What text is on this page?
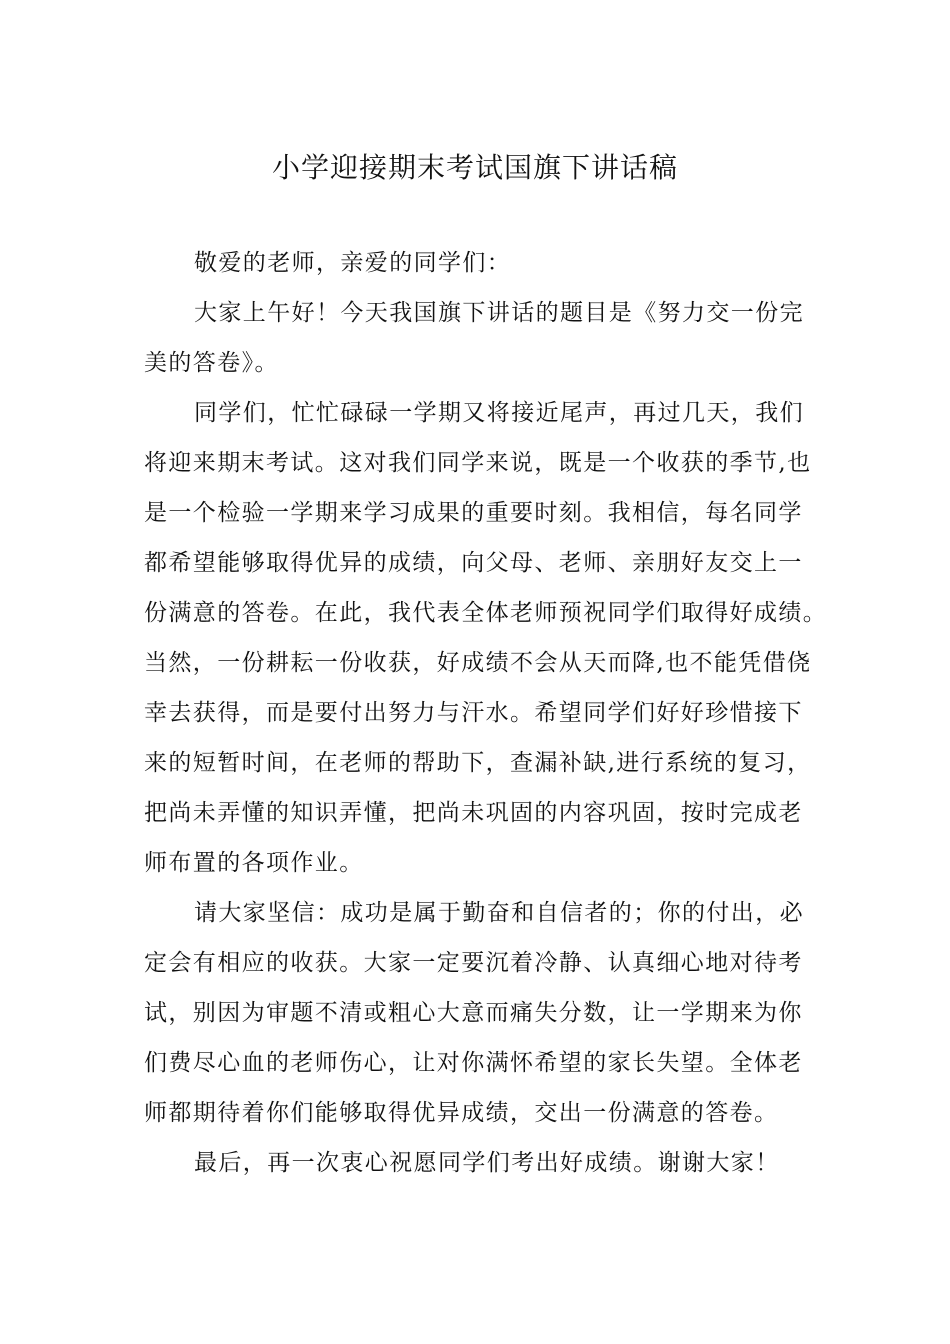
小学迎接期末考试国旗下讲话稿
敬爱的老师，亲爱的同学们：
大家上午好！今天我国旗下讲话的题目是《努力交一份完
美的答卷》。
同学们，忙忙碌碌一学期又将接近尾声，再过几天，我们
将迎来期末考试。这对我们同学来说，既是一个收获的季节,也
是一个检验一学期来学习成果的重要时刻。我相信，每名同学
都希望能够取得优异的成绩，向父母、老师、亲朋好友交上一
份满意的答卷。在此，我代表全体老师预祝同学们取得好成绩。
当然，一份耕耘一份收获，好成绩不会从天而降,也不能凭借侥
幸去获得，而是要付出努力与汗水。希望同学们好好珍惜接下
来的短暂时间，在老师的帮助下，查漏补缺,进行系统的复习，
把尚未弄懂的知识弄懂，把尚未巩固的内容巩固，按时完成老
师布置的各项作业。
请大家坚信：成功是属于勤奋和自信者的；你的付出，必
定会有相应的收获。大家一定要沉着冷静、认真细心地对待考
试，别因为审题不清或粗心大意而痛失分数，让一学期来为你
们费尽心血的老师伤心，让对你满怀希望的家长失望。全体老
师都期待着你们能够取得优异成绩，交出一份满意的答卷。
最后，再一次衷心祝愿同学们考出好成绩。谢谢大家！
